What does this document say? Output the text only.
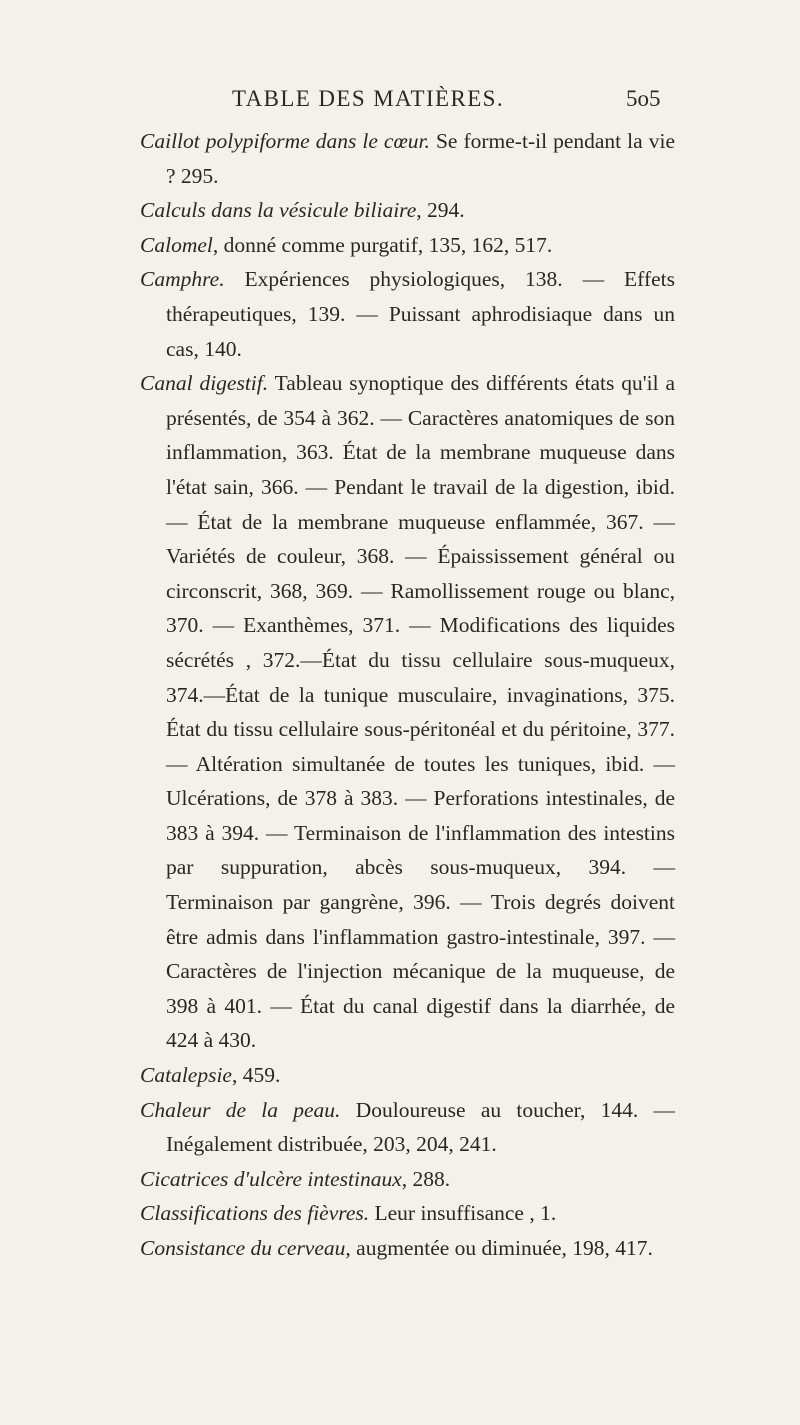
TABLE DES MATIÈRES.	5o5

Caillot polypiforme dans le cœur. Se forme-t-il pendant la vie ? 295.

Calculs dans la vésicule biliaire, 294.

Calomel, donné comme purgatif, 135, 162, 517.

Camphre. Expériences physiologiques, 138. — Effets thérapeutiques, 139. — Puissant aphrodisiaque dans un cas, 140.

Canal digestif. Tableau synoptique des différents états qu'il a présentés, de 354 à 362. — Caractères anatomiques de son inflammation, 363. État de la membrane muqueuse dans l'état sain, 366. — Pendant le travail de la digestion, ibid. — État de la membrane muqueuse enflammée, 367. — Variétés de couleur, 368. — Épaississement général ou circonscrit, 368, 369. — Ramollissement rouge ou blanc, 370. — Exanthèmes, 371. — Modifications des liquides sécrétés , 372.—État du tissu cellulaire sous-muqueux, 374.—État de la tunique musculaire, invaginations, 375. État du tissu cellulaire sous-péritonéal et du péritoine, 377. — Altération simultanée de toutes les tuniques, ibid. — Ulcérations, de 378 à 383. — Perforations intestinales, de 383 à 394. — Terminaison de l'inflammation des intestins par suppuration, abcès sous-muqueux, 394. — Terminaison par gangrène, 396. — Trois degrés doivent être admis dans l'inflammation gastro-intestinale, 397. — Caractères de l'injection mécanique de la muqueuse, de 398 à 401. — État du canal digestif dans la diarrhée, de 424 à 430.

Catalepsie, 459.

Chaleur de la peau. Douloureuse au toucher, 144. — Inégalement distribuée, 203, 204, 241.

Cicatrices d'ulcère intestinaux, 288.

Classifications des fièvres. Leur insuffisance , 1.

Consistance du cerveau, augmentée ou diminuée, 198, 417.
